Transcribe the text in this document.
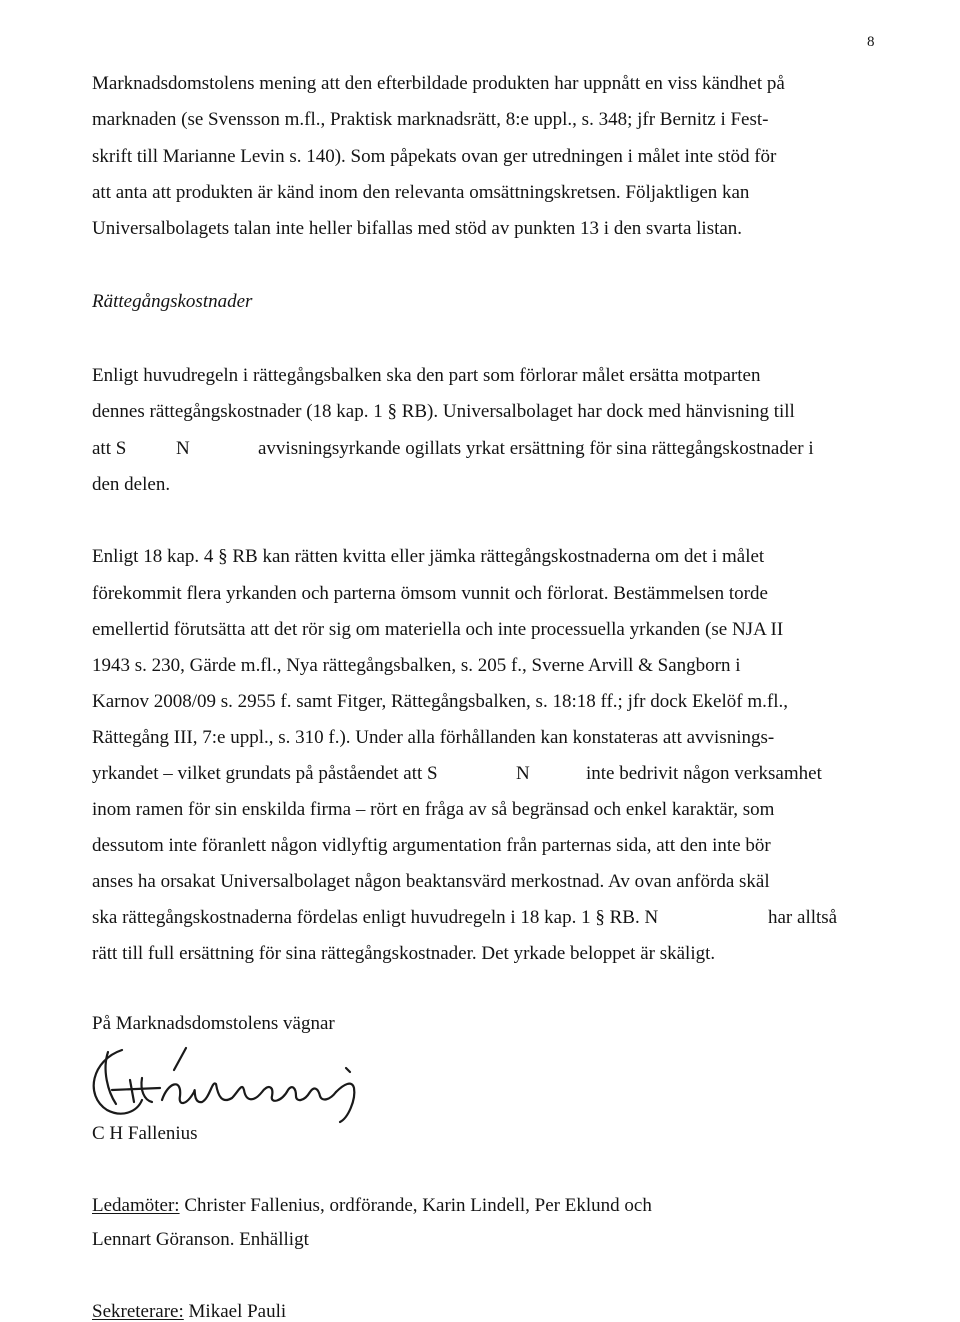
8
Marknadsdomstolens mening att den efterbildade produkten har uppnått en viss kändhet på
marknaden (se Svensson m.fl., Praktisk marknadsrätt, 8:e uppl., s. 348; jfr Bernitz i Fest-
skrift till Marianne Levin s. 140). Som påpekats ovan ger utredningen i målet inte stöd för
att anta att produkten är känd inom den relevanta omsättningskretsen. Följaktligen kan
Universalbolagets talan inte heller bifallas med stöd av punkten 13 i den svarta listan.
Rättegångskostnader
Enligt huvudregeln i rättegångsbalken ska den part som förlorar målet ersätta motparten
dennes rättegångskostnader (18 kap. 1 § RB). Universalbolaget har dock med hänvisning till
att S	N	avvisningsyrkande ogillats yrkat ersättning för sina rättegångskostnader i
den delen.
Enligt 18 kap. 4 § RB kan rätten kvitta eller jämka rättegångskostnaderna om det i målet
förekommit flera yrkanden och parterna ömsom vunnit och förlorat. Bestämmelsen torde
emellertid förutsätta att det rör sig om materiella och inte processuella yrkanden (se NJA II
1943 s. 230, Gärde m.fl., Nya rättegångsbalken, s. 205 f., Sverne Arvill & Sangborn i
Karnov 2008/09 s. 2955 f. samt Fitger, Rättegångsbalken, s. 18:18 ff.; jfr dock Ekelöf m.fl.,
Rättegång III, 7:e uppl., s. 310 f.). Under alla förhållanden kan konstateras att avvisnings-
yrkandet – vilket grundats på påståendet att S	N	inte bedrivit någon verksamhet
inom ramen för sin enskilda firma – rört en fråga av så begränsad och enkel karaktär, som
dessutom inte föranlett någon vidlyftig argumentation från parternas sida, att den inte bör
anses ha orsakat Universalbolaget någon beaktansvärd merkostnad. Av ovan anförda skäl
ska rättegångskostnaderna fördelas enligt huvudregeln i 18 kap. 1 § RB. N	har alltså
rätt till full ersättning för sina rättegångskostnader. Det yrkade beloppet är skäligt.
På Marknadsdomstolens vägnar
C H Fallenius
Ledamöter: Christer Fallenius, ordförande, Karin Lindell, Per Eklund och
Lennart Göranson. Enhälligt
Sekreterare: Mikael Pauli
